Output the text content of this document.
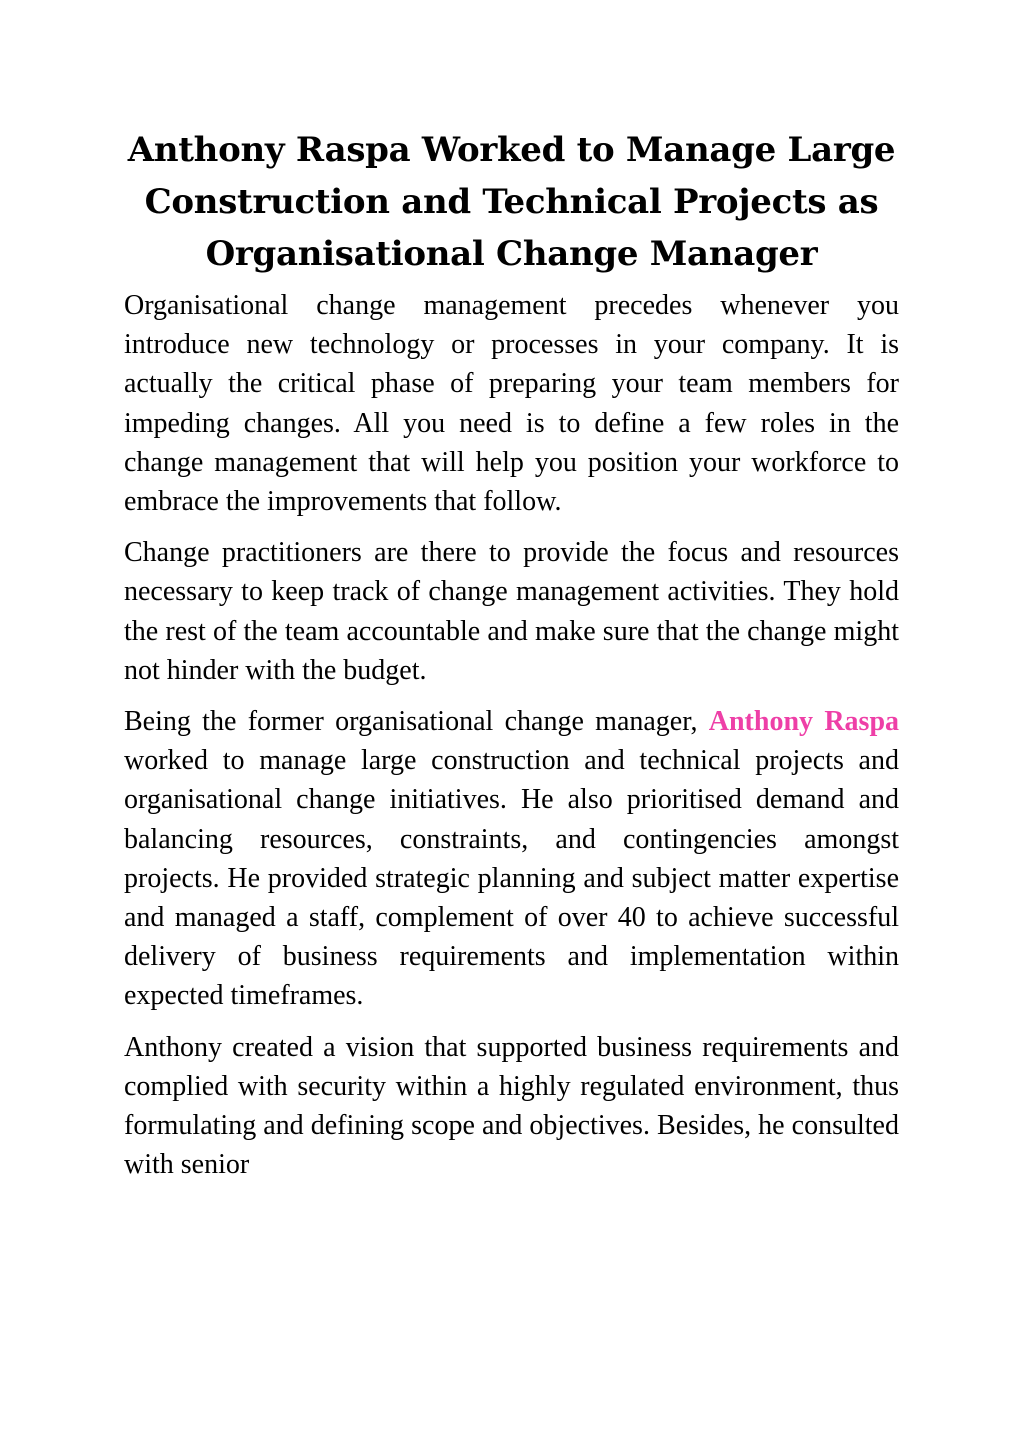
Anthony Raspa Worked to Manage Large Construction and Technical Projects as Organisational Change Manager

Organisational change management precedes whenever you introduce new technology or processes in your company. It is actually the critical phase of preparing your team members for impeding changes. All you need is to define a few roles in the change management that will help you position your workforce to embrace the improvements that follow.

Change practitioners are there to provide the focus and resources necessary to keep track of change management activities. They hold the rest of the team accountable and make sure that the change might not hinder with the budget.

Being the former organisational change manager, Anthony Raspa worked to manage large construction and technical projects and organisational change initiatives. He also prioritised demand and balancing resources, constraints, and contingencies amongst projects. He provided strategic planning and subject matter expertise and managed a staff, complement of over 40 to achieve successful delivery of business requirements and implementation within expected timeframes.

Anthony created a vision that supported business requirements and complied with security within a highly regulated environment, thus formulating and defining scope and objectives. Besides, he consulted with senior
